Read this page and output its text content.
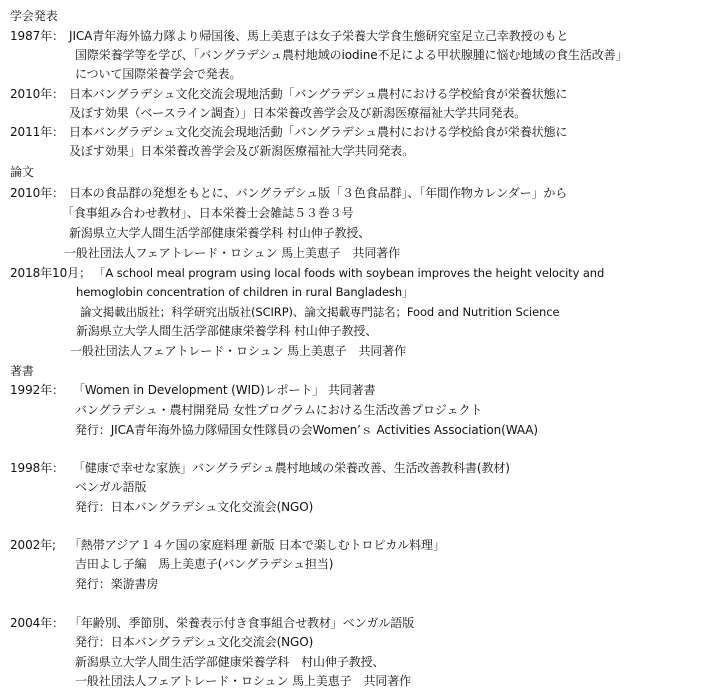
学会発表

1987年： JICA青年海外協力隊より帰国後、馬上美恵子は女子栄養大学食生態研究室足立己幸教授のもと

国際栄養学等を学び、「バングラデシュ農村地域のiodine不足による甲状腺腫に悩む地域の食生活改善」

について国際栄養学会で発表。

2010年： 日本バングラデシュ文化交流会現地活動「バングラデシュ農村における学校給食が栄養状態に

及ぼす効果（ベースライン調査）」日本栄養改善学会及び新潟医療福祉大学共同発表。

2011年： 日本バングラデシュ文化交流会現地活動「バングラデシュ農村における学校給食が栄養状態に

及ぼす効果」日本栄養改善学会及び新潟医療福祉大学共同発表。

論文

2010年： 日本の食品群の発想をもとに、バングラデシュ版「３色食品群」、「年間作物カレンダー」から

「食事組み合わせ教材」、日本栄養士会雑誌５３巻３号

新潟県立大学人間生活学部健康栄養学科 村山伸子教授、

一般社団法人フェアトレード・ロシュン 馬上美恵子　共同著作

2018年10月； 「A school meal program using local foods with soybean improves the height velocity and

hemoglobin concentration of children in rural Bangladesh」

論文掲載出版社；科学研究出版社(SCIRP)、論文掲載専門誌名；Food and Nutrition Science

新潟県立大学人間生活学部健康栄養学科 村山伸子教授、

一般社団法人フェアトレード・ロシュン 馬上美恵子　共同著作

著書

1992年： 「Women in Development (WID)レポート」 共同著書

バングラデシュ・農村開発局 女性プログラムにおける生活改善プロジェクト

発行：JICA青年海外協力隊帰国女性隊員の会Women’ｓ Activities Association(WAA)

1998年： 「健康で幸せな家族」バングラデシュ農村地域の栄養改善、生活改善教科書(教材)

ベンガル語版

発行：日本バングラデシュ文化交流会(NGO)

2002年; 「熱帯アジア１４ケ国の家庭料理 新版 日本で楽しむトロピカル料理」

吉田よし子編　馬上美恵子(バングラデシュ担当)

発行：楽游書房

2004年： 「年齢別、季節別、栄養表示付き食事組合せ教材」ベンガル語版

発行：日本バングラデシュ文化交流会(NGO)

新潟県立大学人間生活学部健康栄養学科　村山伸子教授、

一般社団法人フェアトレード・ロシュン 馬上美恵子　共同著作
